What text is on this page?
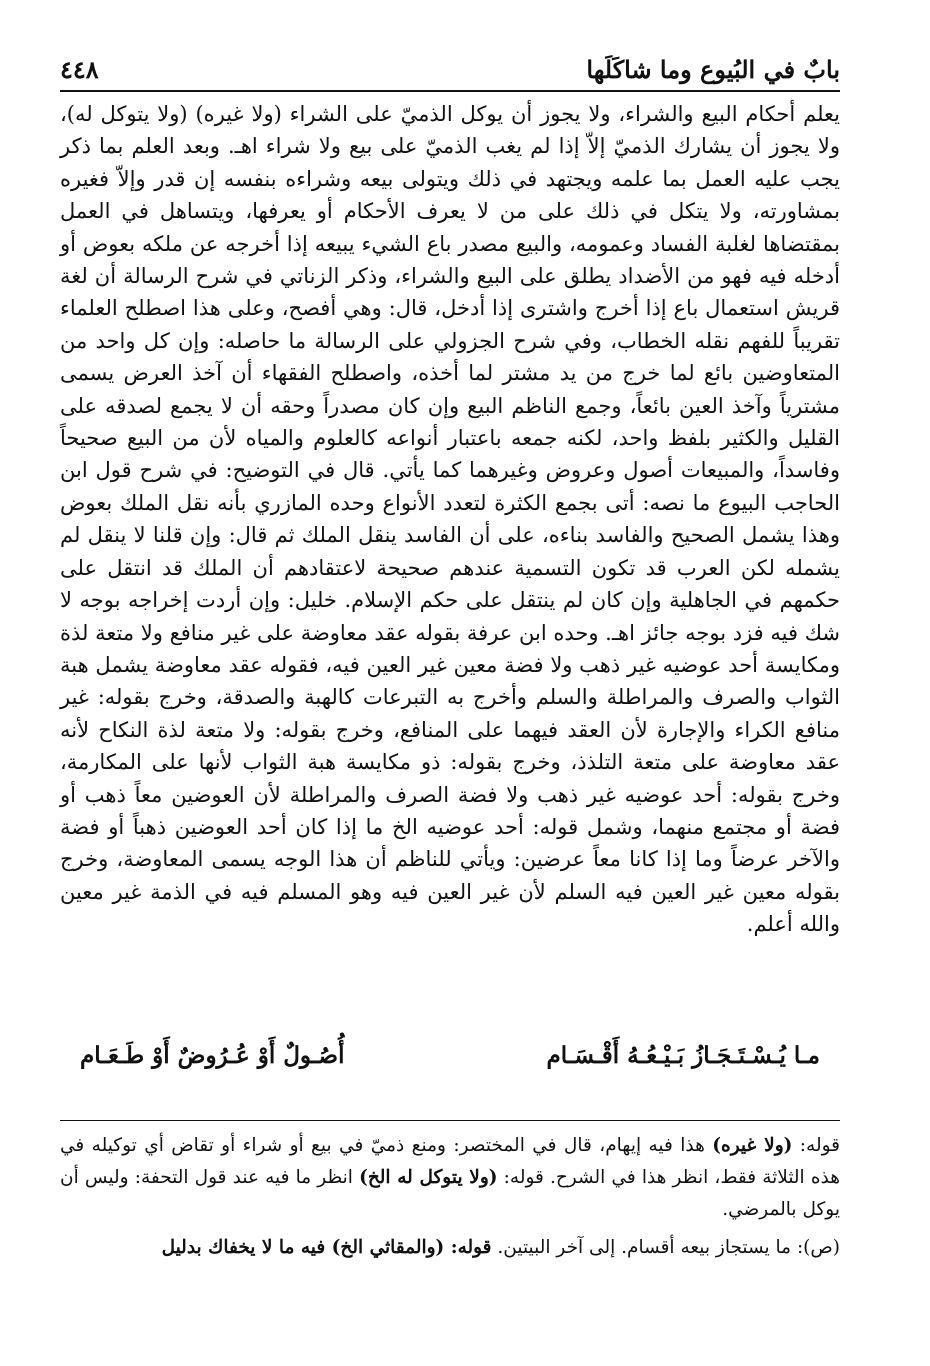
بابٌ في البُيوع وما شاكَلَها
٤٤٨

يعلم أحكام البيع والشراء، ولا يجوز أن يوكل الذميّ على الشراء (ولا غيره) (ولا يتوكل له)، ولا يجوز أن يشارك الذميّ إلاّ إذا لم يغب الذميّ على بيع ولا شراء اهـ. وبعد العلم بما ذكر يجب عليه العمل بما علمه ويجتهد في ذلك ويتولى بيعه وشراءه بنفسه إن قدر وإلاّ فغيره بمشاورته، ولا يتكل في ذلك على من لا يعرف الأحكام أو يعرفها، ويتساهل في العمل بمقتضاها لغلبة الفساد وعمومه، والبيع مصدر باع الشيء يبيعه إذا أخرجه عن ملكه بعوض أو أدخله فيه فهو من الأضداد يطلق على البيع والشراء، وذكر الزناتي في شرح الرسالة أن لغة قريش استعمال باع إذا أخرج واشترى إذا أدخل، قال: وهي أفصح، وعلى هذا اصطلح العلماء تقريباً للفهم نقله الخطاب، وفي شرح الجزولي على الرسالة ما حاصله: وإن كل واحد من المتعاوضين بائع لما خرج من يد مشتر لما أخذه، واصطلح الفقهاء أن آخذ العرض يسمى مشترياً وآخذ العين بائعاً، وجمع الناظم البيع وإن كان مصدراً وحقه أن لا يجمع لصدقه على القليل والكثير بلفظ واحد، لكنه جمعه باعتبار أنواعه كالعلوم والمياه لأن من البيع صحيحاً وفاسداً، والمبيعات أصول وعروض وغيرهما كما يأتي. قال في التوضيح: في شرح قول ابن الحاجب البيوع ما نصه: أتى بجمع الكثرة لتعدد الأنواع وحده المازري بأنه نقل الملك بعوض وهذا يشمل الصحيح والفاسد بناءه، على أن الفاسد ينقل الملك ثم قال: وإن قلنا لا ينقل لم يشمله لكن العرب قد تكون التسمية عندهم صحيحة لاعتقادهم أن الملك قد انتقل على حكمهم في الجاهلية وإن كان لم ينتقل على حكم الإسلام. خليل: وإن أردت إخراجه بوجه لا شك فيه فزد بوجه جائز اهـ. وحده ابن عرفة بقوله عقد معاوضة على غير منافع ولا متعة لذة ومكايسة أحد عوضيه غير ذهب ولا فضة معين غير العين فيه، فقوله عقد معاوضة يشمل هبة الثواب والصرف والمراطلة والسلم وأخرج به التبرعات كالهبة والصدقة، وخرج بقوله: غير منافع الكراء والإجارة لأن العقد فيهما على المنافع، وخرج بقوله: ولا متعة لذة النكاح لأنه عقد معاوضة على متعة التلذذ، وخرج بقوله: ذو مكايسة هبة الثواب لأنها على المكارمة، وخرج بقوله: أحد عوضيه غير ذهب ولا فضة الصرف والمراطلة لأن العوضين معاً ذهب أو فضة أو مجتمع منهما، وشمل قوله: أحد عوضيه الخ ما إذا كان أحد العوضين ذهباً أو فضة والآخر عرضاً وما إذا كانا معاً عرضين: ويأتي للناظم أن هذا الوجه يسمى المعاوضة، وخرج بقوله معين غير العين فيه السلم لأن غير العين فيه وهو المسلم فيه في الذمة غير معين والله أعلم.

مـا يُـسْـتَـجَـازُ بَـيْـعُـهُ أَقْـسَـام
أُصُـولٌ أَوْ عُـرُوضٌ أَوْ طَـعَـام

قوله: (ولا غيره) هذا فيه إيهام، قال في المختصر: ومنع ذميّ في بيع أو شراء أو تقاض أي توكيله في هذه الثلاثة فقط، انظر هذا في الشرح. قوله: (ولا يتوكل له الخ) انظر ما فيه عند قول التحفة: وليس أن يوكل بالمرضي.

(ص): ما يستجاز بيعه أقسام. إلى آخر البيتين. قوله: (والمقاثي الخ) فيه ما لا يخفاك بدليل
